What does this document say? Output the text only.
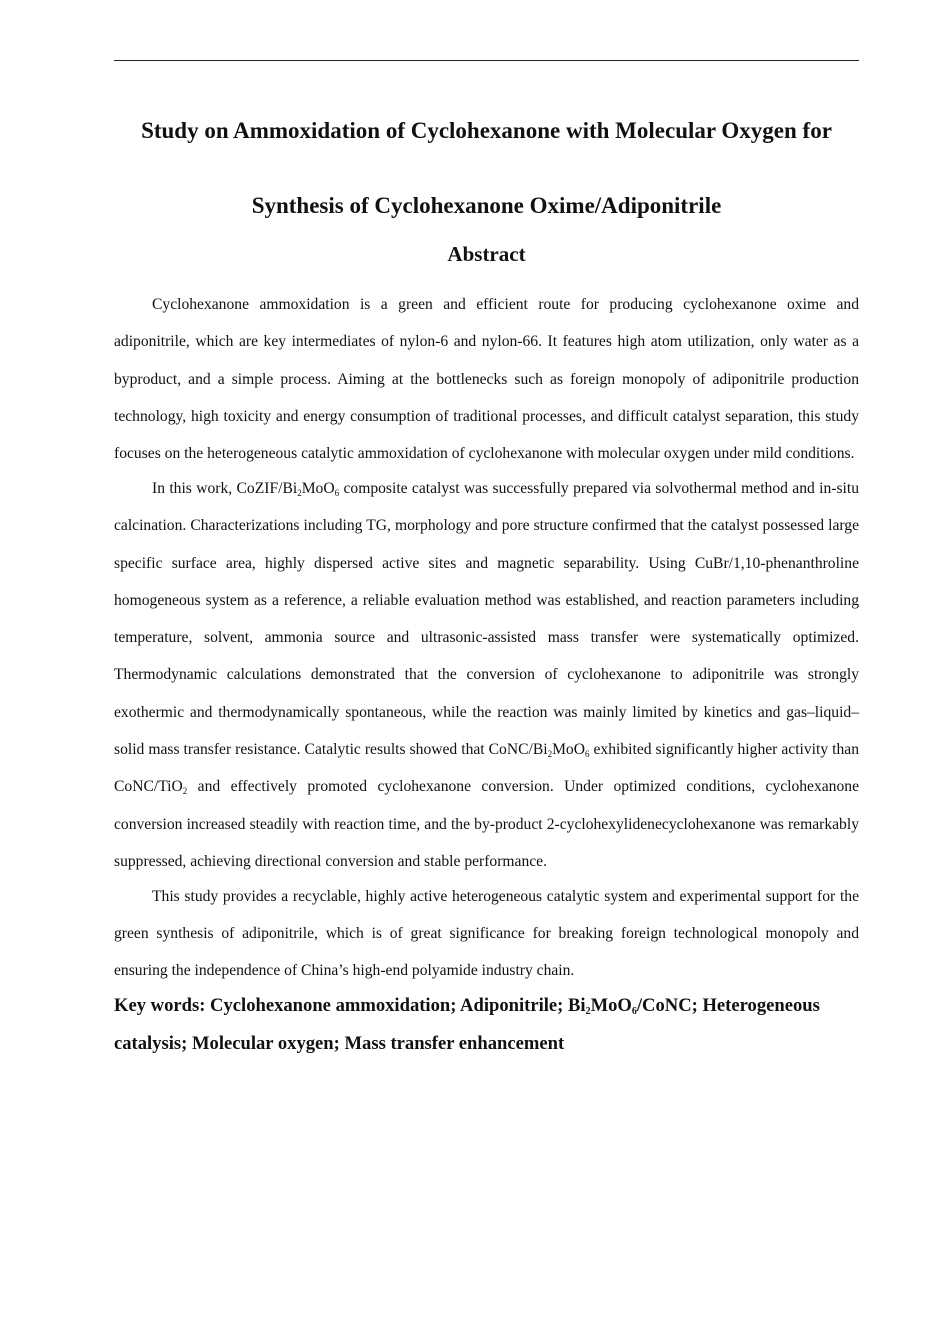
Study on Ammoxidation of Cyclohexanone with Molecular Oxygen for Synthesis of Cyclohexanone Oxime/Adiponitrile
Abstract

Cyclohexanone ammoxidation is a green and efficient route for producing cyclohexanone oxime and adiponitrile, which are key intermediates of nylon-6 and nylon-66. It features high atom utilization, only water as a byproduct, and a simple process. Aiming at the bottlenecks such as foreign monopoly of adiponitrile production technology, high toxicity and energy consumption of traditional processes, and difficult catalyst separation, this study focuses on the heterogeneous catalytic ammoxidation of cyclohexanone with molecular oxygen under mild conditions.

In this work, CoZIF/$Bi_2MoO_6$ composite catalyst was successfully prepared via solvothermal method and in-situ calcination. Characterizations including TG, morphology and pore structure confirmed that the catalyst possessed large specific surface area, highly dispersed active sites and magnetic separability. Using CuBr/1,10-phenanthroline homogeneous system as a reference, a reliable evaluation method was established, and reaction parameters including temperature, solvent, ammonia source and ultrasonic-assisted mass transfer were systematically optimized. Thermodynamic calculations demonstrated that the conversion of cyclohexanone to adiponitrile was strongly exothermic and thermodynamically spontaneous, while the reaction was mainly limited by kinetics and gas–liquid–solid mass transfer resistance. Catalytic results showed that CoNC/$Bi_2MoO_6$ exhibited significantly higher activity than CoNC/TiO$_2$ and effectively promoted cyclohexanone conversion. Under optimized conditions, cyclohexanone conversion increased steadily with reaction time, and the by-product 2-cyclohexylidenecyclohexanone was remarkably suppressed, achieving directional conversion and stable performance.

This study provides a recyclable, highly active heterogeneous catalytic system and experimental support for the green synthesis of adiponitrile, which is of great significance for breaking foreign technological monopoly and ensuring the independence of China’s high-end polyamide industry chain.

Key words: Cyclohexanone ammoxidation; Adiponitrile; $Bi_2MoO_6$/CoNC; Heterogeneous catalysis; Molecular oxygen; Mass transfer enhancement
